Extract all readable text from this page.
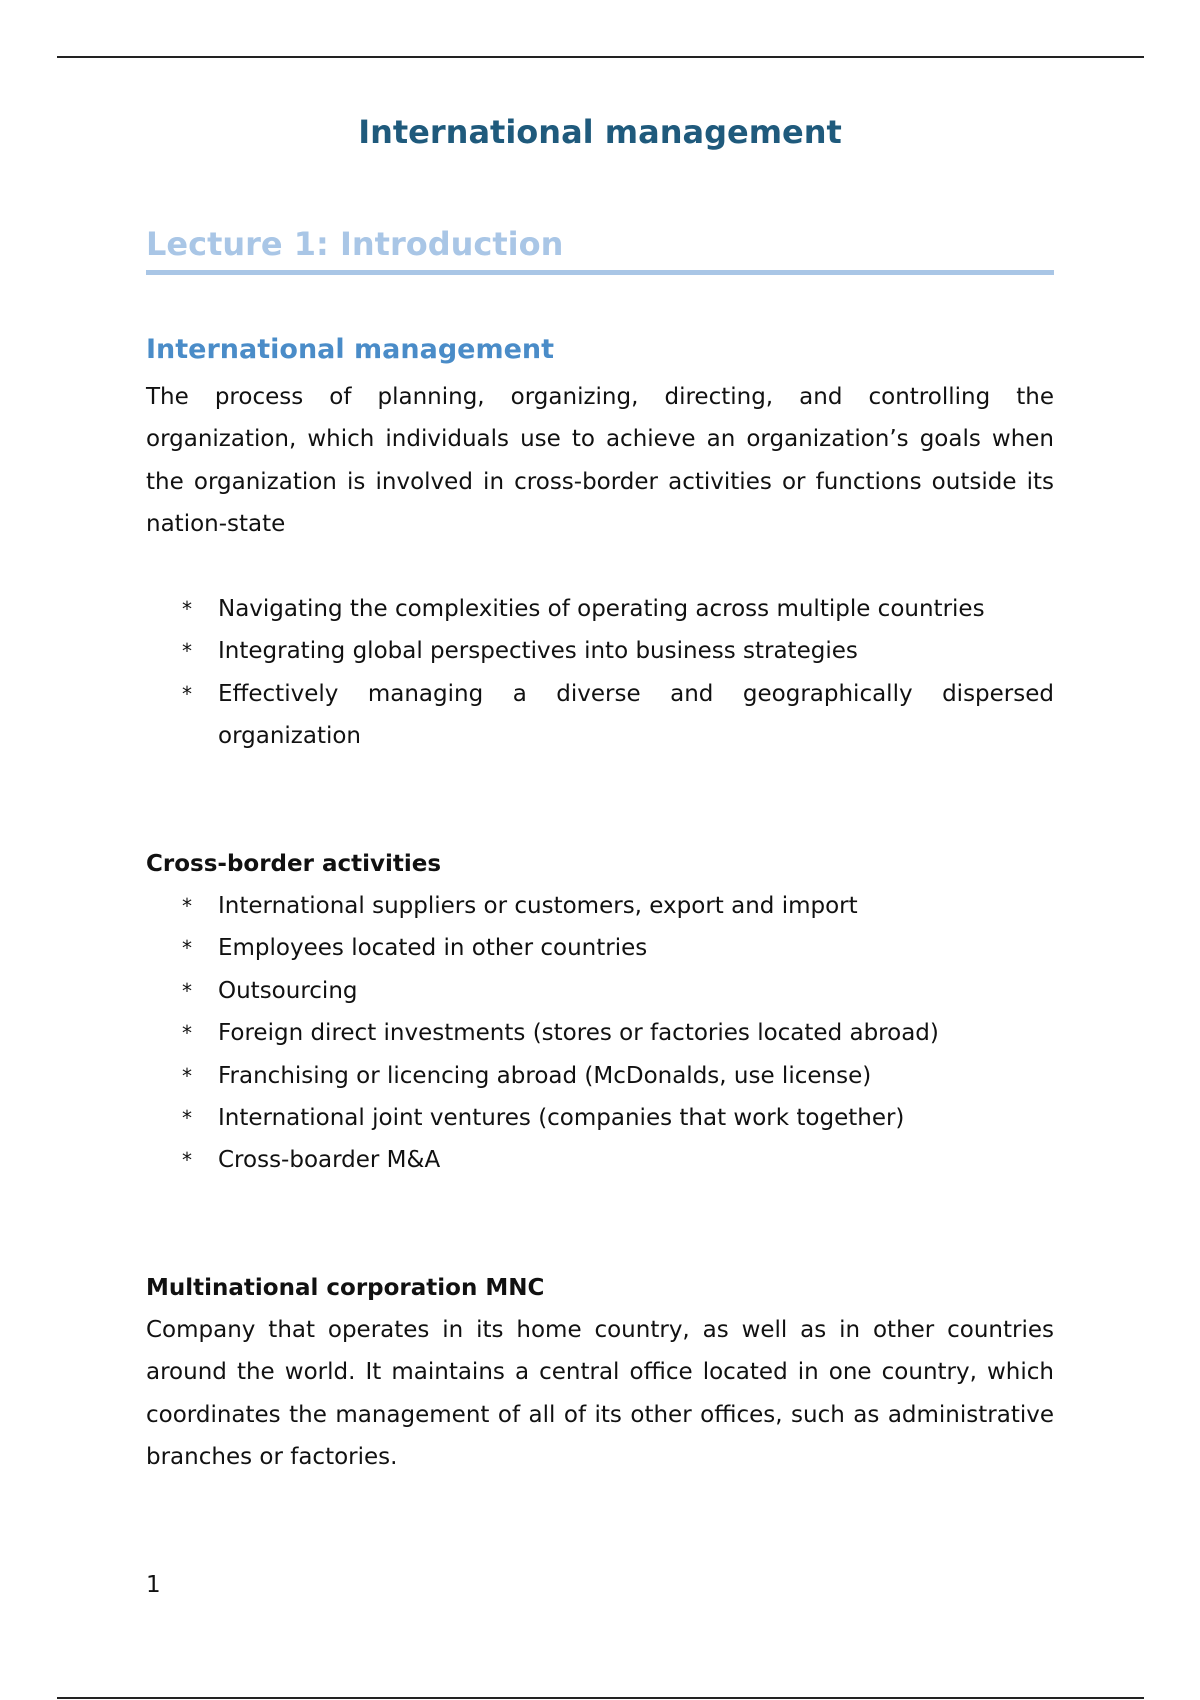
International management
Lecture 1: Introduction
International management

The process of planning, organizing, directing, and controlling the organization, which individuals use to achieve an organization’s goals when the organization is involved in cross-border activities or functions outside its nation-state

*	Navigating the complexities of operating across multiple countries
*	Integrating global perspectives into business strategies
*	Effectively managing a diverse and geographically dispersed organization
Cross-border activities
*	International suppliers or customers, export and import
*	Employees located in other countries
*	Outsourcing
*	Foreign direct investments (stores or factories located abroad)
*	Franchising or licencing abroad (McDonalds, use license)
*	International joint ventures (companies that work together)
*	Cross-boarder M&A
Multinational corporation MNC

Company that operates in its home country, as well as in other countries around the world. It maintains a central office located in one country, which coordinates the management of all of its other offices, such as administrative branches or factories.

1
